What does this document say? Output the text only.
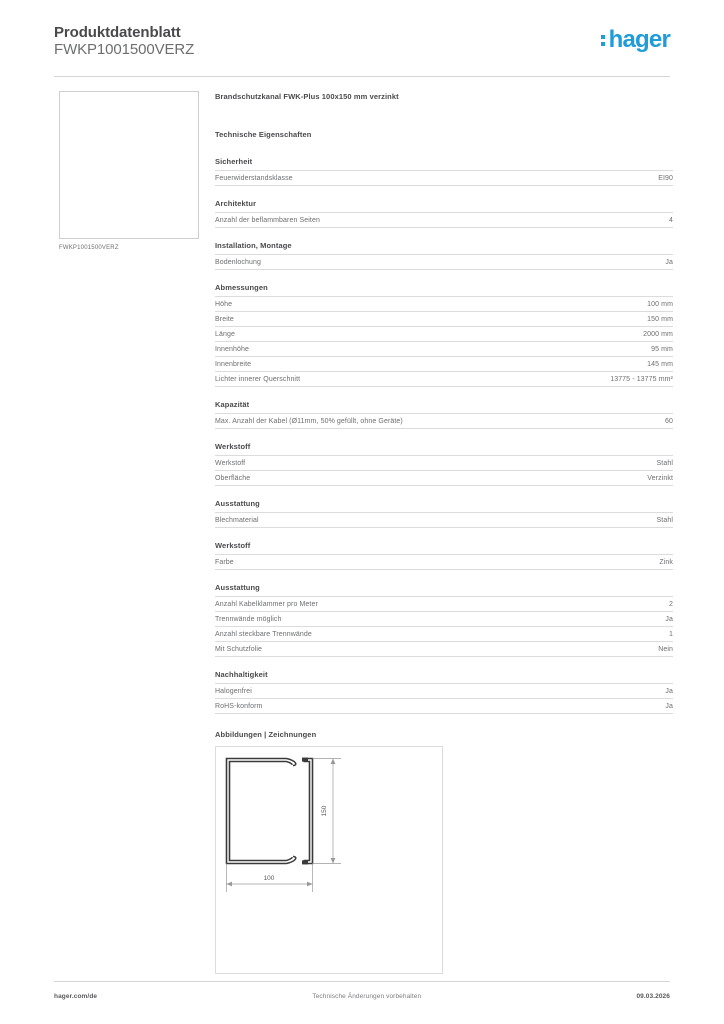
Produktdatenblatt
FWKP1001500VERZ	hager
FWKP1001500VERZ
Brandschutzkanal FWK-Plus 100x150 mm verzinkt
Technische Eigenschaften
Sicherheit
Feuerwiderstandsklasse	EI90
Architektur
Anzahl der beflammbaren Seiten	4
Installation, Montage
Bodenlochung	Ja
Abmessungen
Höhe	100 mm
Breite	150 mm
Länge	2000 mm
Innenhöhe	95 mm
Innenbreite	145 mm
Lichter innerer Querschnitt	13775 - 13775 mm²
Kapazität
Max. Anzahl der Kabel (Ø11mm, 50% gefüllt, ohne Geräte)	60
Werkstoff
Werkstoff	Stahl
Oberfläche	Verzinkt
Ausstattung
Blechmaterial	Stahl
Werkstoff
Farbe	Zink
Ausstattung
Anzahl Kabelklammer pro Meter	2
Trennwände möglich	Ja
Anzahl steckbare Trennwände	1
Mit Schutzfolie	Nein
Nachhaltigkeit
Halogenfrei	Ja
RoHS-konform	Ja
Abbildungen | Zeichnungen
150
100
hager.com/de	Technische Änderungen vorbehalten	09.03.2026
